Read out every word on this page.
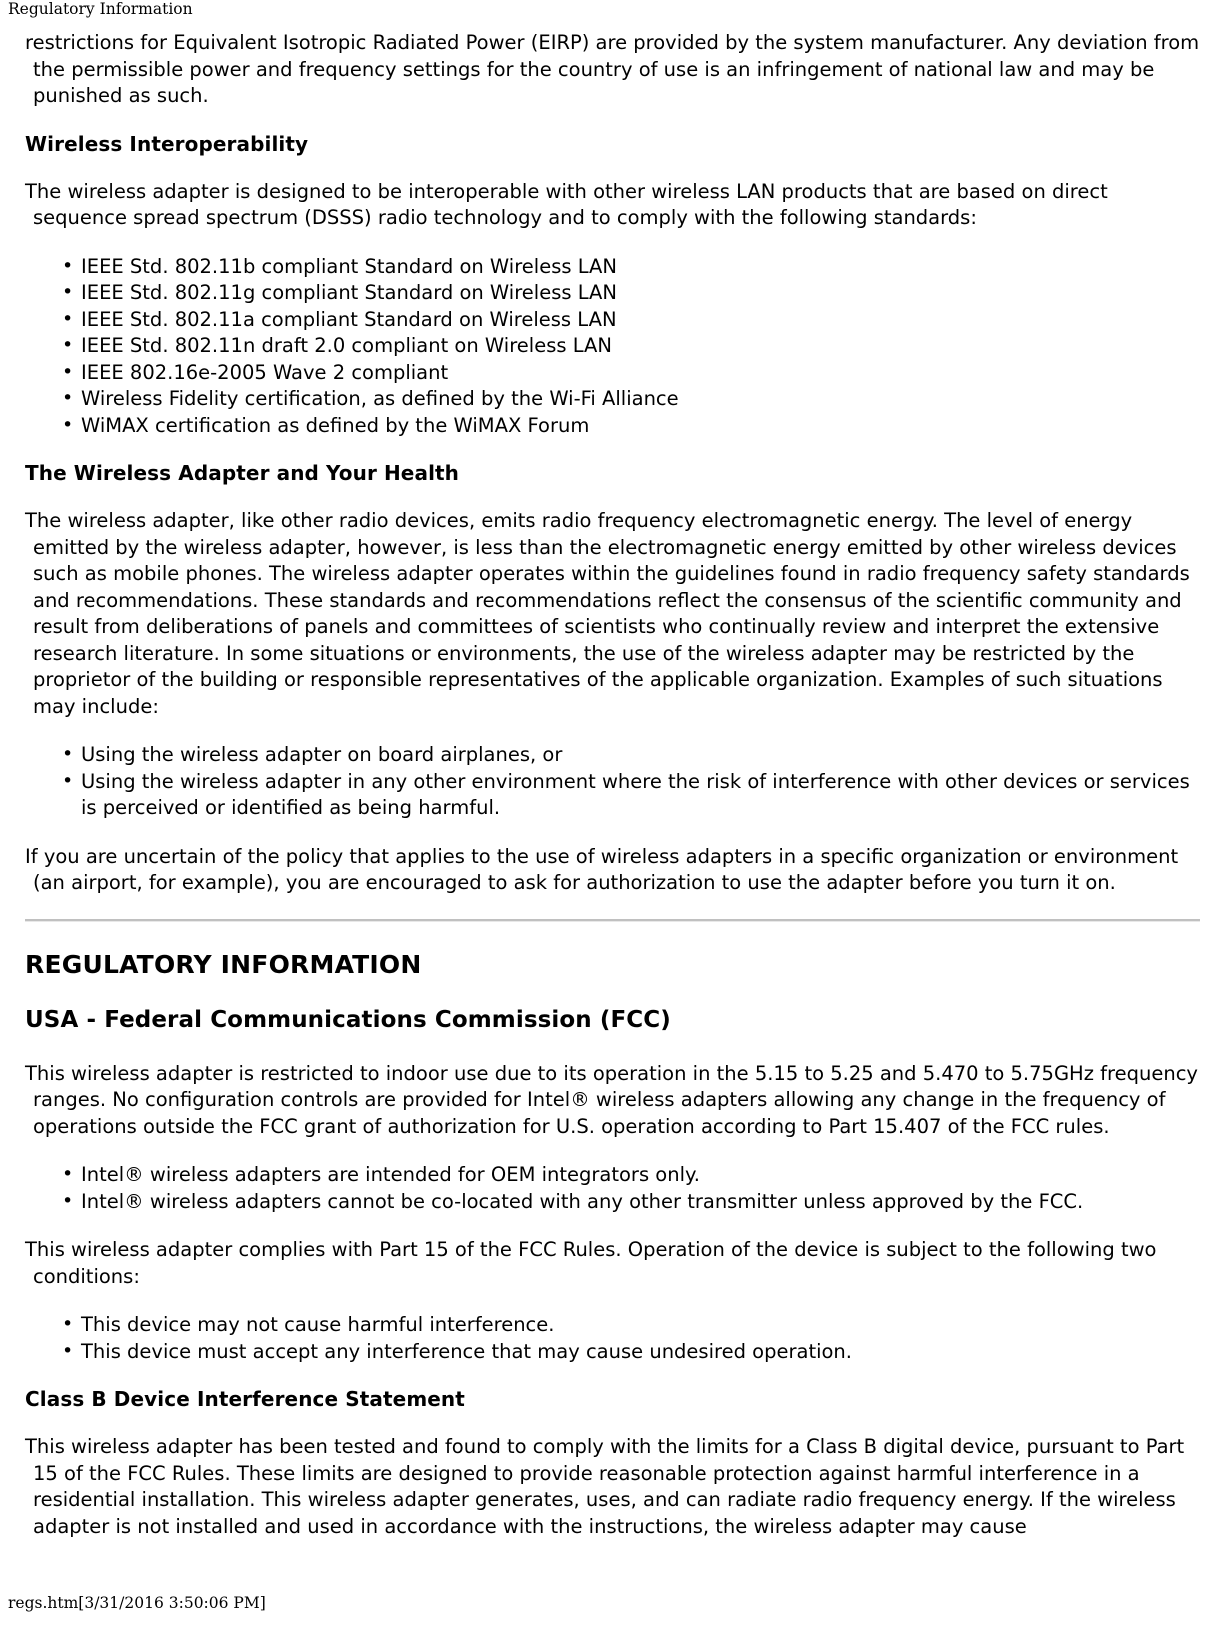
Regulatory Information

restrictions for Equivalent Isotropic Radiated Power (EIRP) are provided by the system manufacturer. Any deviation from the permissible power and frequency settings for the country of use is an infringement of national law and may be punished as such.

Wireless Interoperability

The wireless adapter is designed to be interoperable with other wireless LAN products that are based on direct sequence spread spectrum (DSSS) radio technology and to comply with the following standards:

• IEEE Std. 802.11b compliant Standard on Wireless LAN
• IEEE Std. 802.11g compliant Standard on Wireless LAN
• IEEE Std. 802.11a compliant Standard on Wireless LAN
• IEEE Std. 802.11n draft 2.0 compliant on Wireless LAN
• IEEE 802.16e-2005 Wave 2 compliant
• Wireless Fidelity certification, as defined by the Wi-Fi Alliance
• WiMAX certification as defined by the WiMAX Forum
The Wireless Adapter and Your Health

The wireless adapter, like other radio devices, emits radio frequency electromagnetic energy. The level of energy emitted by the wireless adapter, however, is less than the electromagnetic energy emitted by other wireless devices such as mobile phones. The wireless adapter operates within the guidelines found in radio frequency safety standards and recommendations. These standards and recommendations reflect the consensus of the scientific community and result from deliberations of panels and committees of scientists who continually review and interpret the extensive research literature. In some situations or environments, the use of the wireless adapter may be restricted by the proprietor of the building or responsible representatives of the applicable organization. Examples of such situations may include:

• Using the wireless adapter on board airplanes, or
• Using the wireless adapter in any other environment where the risk of interference with other devices or services is perceived or identified as being harmful.

If you are uncertain of the policy that applies to the use of wireless adapters in a specific organization or environment (an airport, for example), you are encouraged to ask for authorization to use the adapter before you turn it on.

REGULATORY INFORMATION
USA - Federal Communications Commission (FCC)

This wireless adapter is restricted to indoor use due to its operation in the 5.15 to 5.25 and 5.470 to 5.75GHz frequency ranges. No configuration controls are provided for Intel® wireless adapters allowing any change in the frequency of operations outside the FCC grant of authorization for U.S. operation according to Part 15.407 of the FCC rules.

• Intel® wireless adapters are intended for OEM integrators only.
• Intel® wireless adapters cannot be co-located with any other transmitter unless approved by the FCC.

This wireless adapter complies with Part 15 of the FCC Rules. Operation of the device is subject to the following two conditions:

• This device may not cause harmful interference.
• This device must accept any interference that may cause undesired operation.
Class B Device Interference Statement

This wireless adapter has been tested and found to comply with the limits for a Class B digital device, pursuant to Part 15 of the FCC Rules. These limits are designed to provide reasonable protection against harmful interference in a residential installation. This wireless adapter generates, uses, and can radiate radio frequency energy. If the wireless adapter is not installed and used in accordance with the instructions, the wireless adapter may cause

regs.htm[3/31/2016 3:50:06 PM]
